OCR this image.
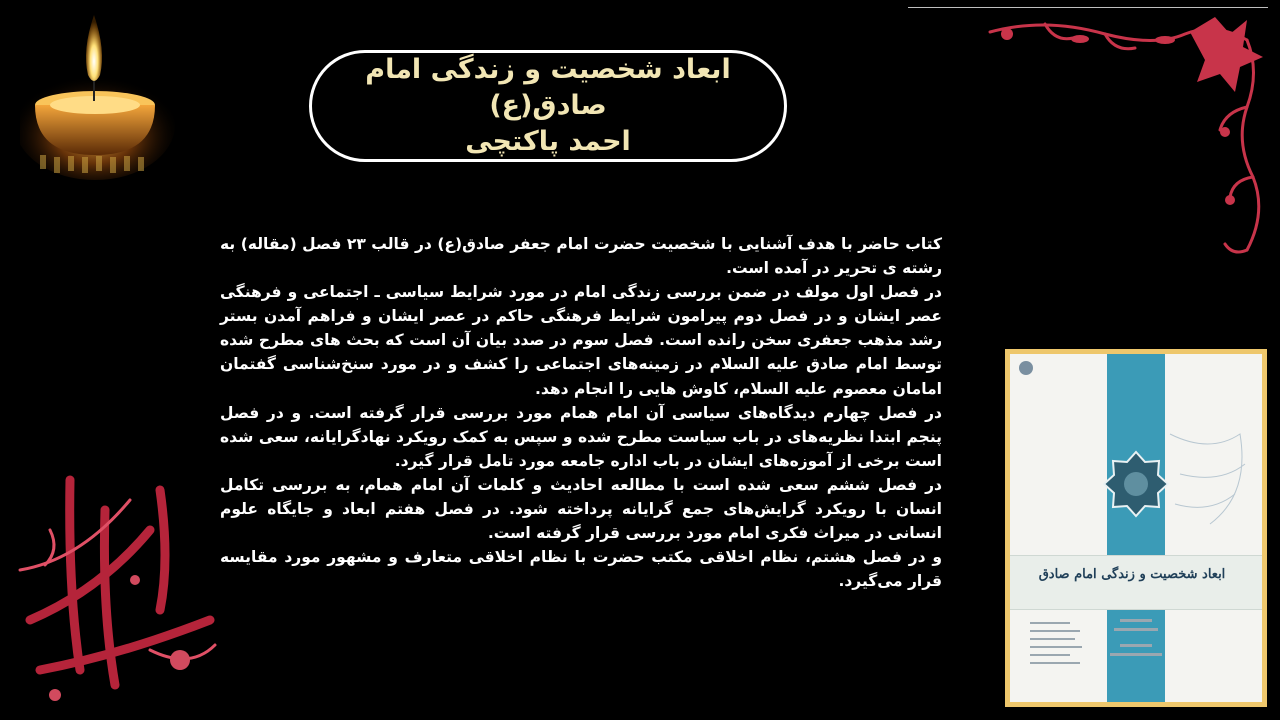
ابعاد شخصیت و زندگی امام صادق(ع)
احمد پاکتچی

کتاب حاضر با هدف آشنایی با شخصیت حضرت امام جعفر صادق(ع) در قالب ۲۳ فصل (مقاله) به رشته ی تحریر در آمده است.

در فصل اول مولف در ضمن بررسی زندگی امام در مورد شرایط سیاسی ـ اجتماعی و فرهنگی عصر ایشان و در فصل دوم پیرامون شرایط فرهنگی حاکم در عصر ایشان و فراهم آمدن بستر رشد مذهب جعفری سخن رانده است. فصل سوم در صدد بیان آن است که بحث های مطرح شده توسط امام صادق علیه السلام در زمینه‌های اجتماعی را کشف و در مورد سنخ‌شناسی گفتمان امامان معصوم علیه السلام، کاوش هایی را انجام دهد.

در فصل چهارم دیدگاه‌های سیاسی آن امام همام مورد بررسی قرار گرفته است. و در فصل پنجم ابتدا نظریه‌های در باب سیاست مطرح شده و سپس به کمک رویکرد نهادگرایانه، سعی شده است برخی از آموزه‌های ایشان در باب اداره جامعه مورد تامل قرار گیرد.

در فصل ششم سعی شده است با مطالعه احادیث و کلمات آن امام همام، به بررسی تکامل انسان با رویکرد گرایش‌های جمع گرایانه پرداخته شود. در فصل هفتم ابعاد و جایگاه علوم انسانی در میراث فکری امام مورد بررسی قرار گرفته است.

و در فصل هشتم، نظام اخلاقی مکتب حضرت با نظام اخلاقی متعارف و مشهور مورد مقایسه قرار می‌گیرد.	ابعاد شخصیت و زندگی امام صادق
